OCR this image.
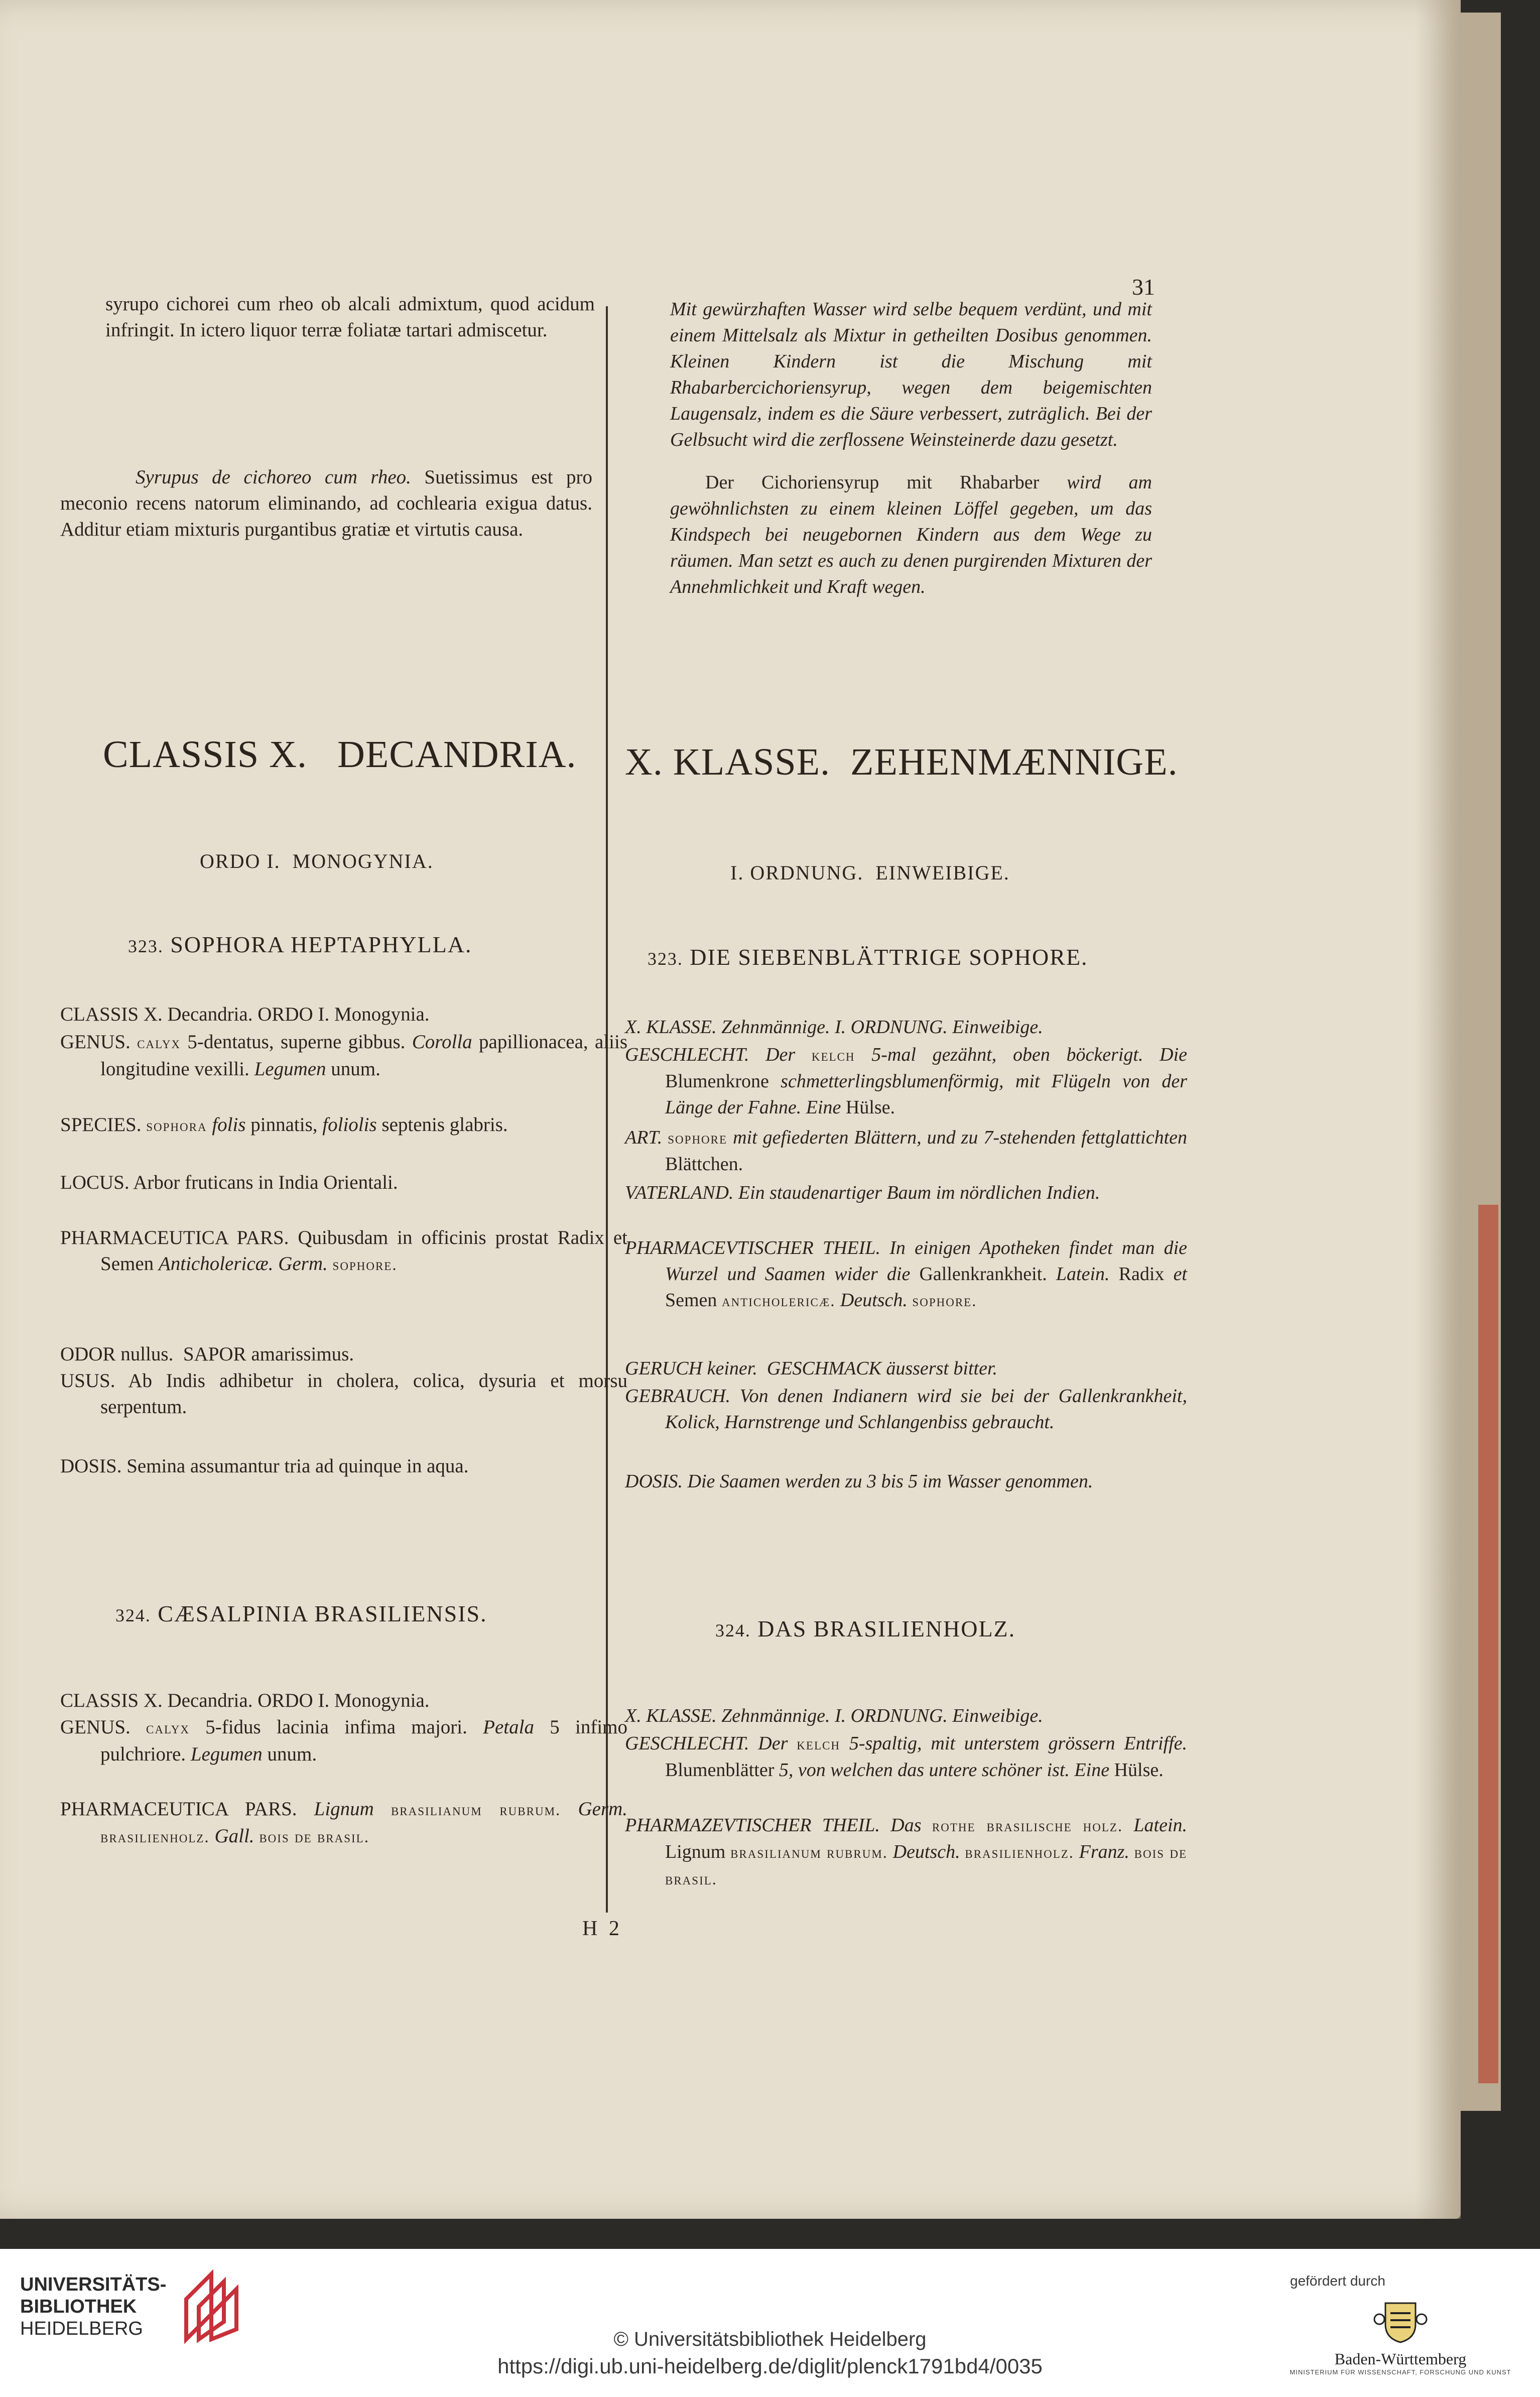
31
syrupo cichorei cum rheo ob alcali admixtum, quod acidum infringit. In ictero liquor terræ foliatæ tartari admiscetur.
Syrupus de cichoreo cum rheo. Suetissimus est pro meconio recens natorum eliminando, ad cochlearia exigua datus. Additur etiam mixturis purgantibus gratiæ et virtutis causa.
CLASSIS X.   DECANDRIA.
ORDO I.  MONOGYNIA.
323. SOPHORA HEPTAPHYLLA.
CLASSIS X. Decandria. ORDO I. Monogynia.
GENUS. calyx 5-dentatus, superne gibbus. Corolla papillionacea, aliis longitudine vexilli. Legumen unum.
SPECIES. sophora folis pinnatis, foliolis septenis glabris.
LOCUS. Arbor fruticans in India Orientali.
PHARMACEUTICA PARS. Quibusdam in officinis prostat Radix et Semen Anticholericæ. Germ. sophore.
ODOR nullus. SAPOR amarissimus.
USUS. Ab Indis adhibetur in cholera, colica, dysuria et morsu serpentum.
DOSIS. Semina assumantur tria ad quinque in aqua.
324. CÆSALPINIA BRASILIENSIS.
CLASSIS X. Decandria. ORDO I. Monogynia.
GENUS. calyx 5-fidus lacinia infima majori. Petala 5 infimo pulchriore. Legumen unum.
PHARMACEUTICA PARS. Lignum brasilianum rubrum. Germ. brasilienholz. Gall. bois de brasil.
Mit gewürzhaften Wasser wird selbe bequem verdünt, und mit einem Mittelsalz als Mixtur in getheilten Dosibus genommen. Kleinen Kindern ist die Mischung mit Rhabarbercichoriensyrup, wegen dem beigemischten Laugensalz, indem es die Säure verbessert, zuträglich. Bei der Gelbsucht wird die zerflossene Weinsteinerde dazu gesetzt.
Der Cichoriensyrup mit Rhabarber wird am gewöhnlichsten zu einem kleinen Löffel gegeben, um das Kindspech bei neugebornen Kindern aus dem Wege zu räumen. Man setzt es auch zu denen purgirenden Mixturen der Annehmlichkeit und Kraft wegen.
X. KLASSE.  ZEHENMÆNNIGE.
I. ORDNUNG.  EINWEIBIGE.
323. DIE SIEBENBLÄTTRIGE SOPHORE.
X. KLASSE. Zehnmännige. I. ORDNUNG. Einweibige.
GESCHLECHT. Der kelch 5-mal gezähnt, oben böckerigt. Die Blumenkrone schmetterlingsblumenförmig, mit Flügeln von der Länge der Fahne. Eine Hülse.
ART. sophore mit gefiederten Blättern, und zu 7-stehenden fettglattichten Blättchen.
VATERLAND. Ein staudenartiger Baum im nördlichen Indien.
PHARMACEVTISCHER THEIL. In einigen Apotheken findet man die Wurzel und Saamen wider die Gallenkrankheit. Latein. Radix et Semen anticholericæ. Deutsch. sophore.
GERUCH keiner. GESCHMACK äusserst bitter.
GEBRAUCH. Von denen Indianern wird sie bei der Gallenkrankheit, Kolick, Harnstrenge und Schlangenbiss gebraucht.
DOSIS. Die Saamen werden zu 3 bis 5 im Wasser genommen.
324. DAS BRASILIENHOLZ.
X. KLASSE. Zehnmännige. I. ORDNUNG. Einweibige.
GESCHLECHT. Der kelch 5-spaltig, mit unterstem grössern Entriffe. Blumenblätter 5, von welchen das untere schöner ist. Eine Hülse.
PHARMAZEVTISCHER THEIL. Das rothe brasilische holz. Latein. Lignum brasilianum rubrum. Deutsch. brasilienholz. Franz. bois de brasil.
H 2
UNIVERSITÄTS-
BIBLIOTHEK
HEIDELBERG	© Universitätsbibliothek Heidelberg
https://digi.ub.uni-heidelberg.de/diglit/plenck1791bd4/0035
gefördert durch
Baden-Württemberg
MINISTERIUM FÜR WISSENSCHAFT, FORSCHUNG UND KUNST
